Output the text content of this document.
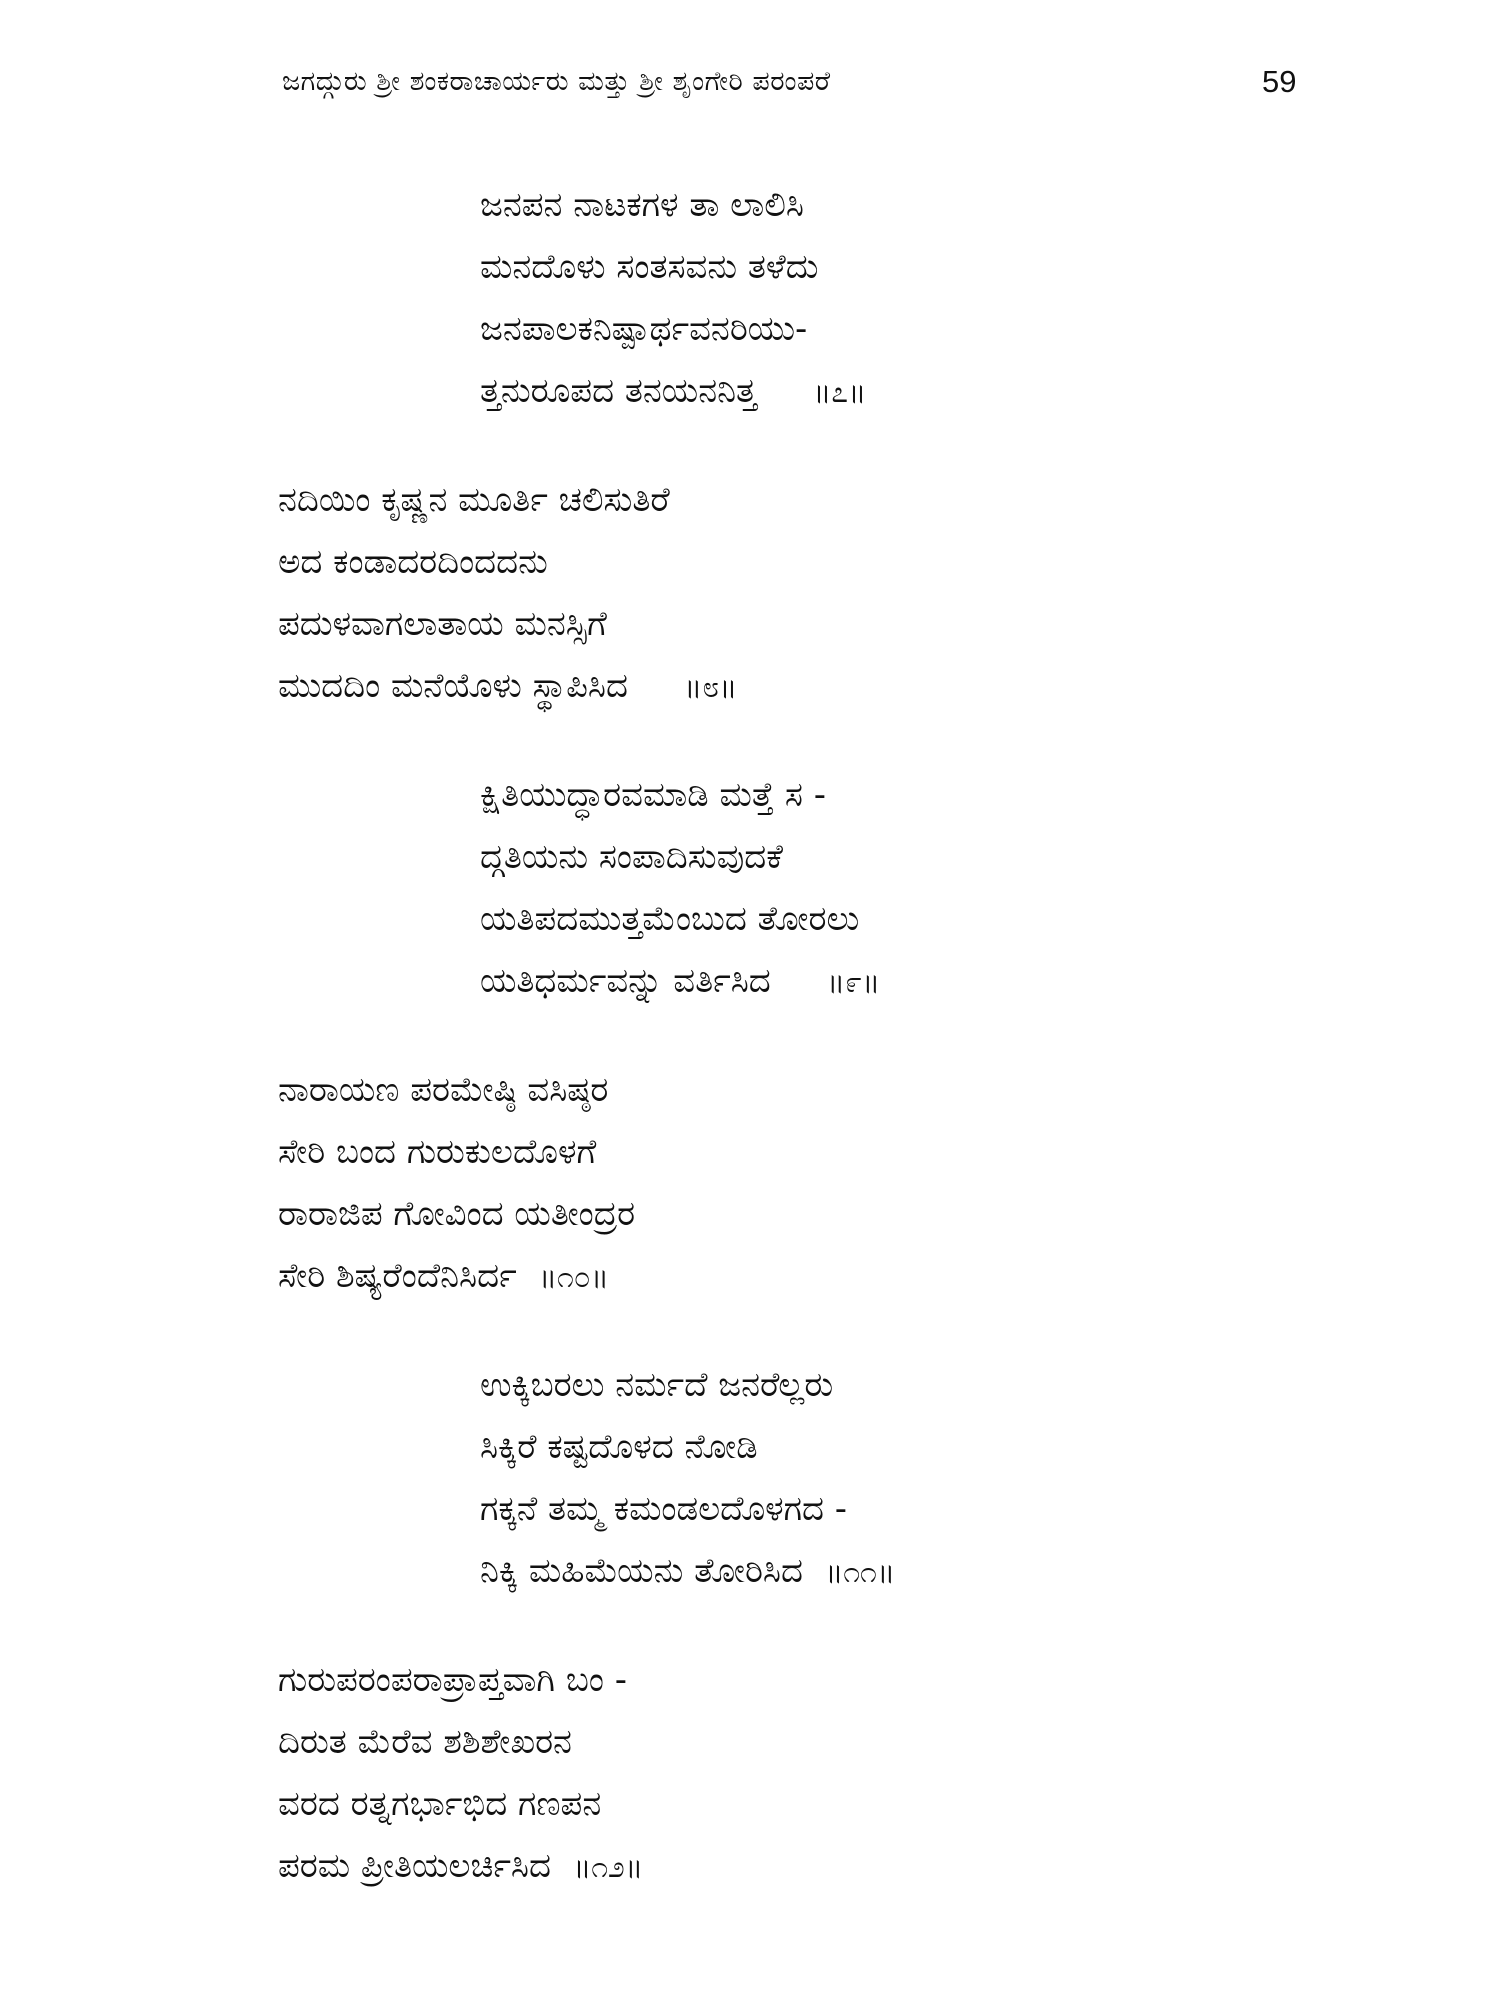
ಜಗದ್ಗುರು ಶ್ರೀ ಶಂಕರಾಚಾರ್ಯರು ಮತ್ತು ಶ್ರೀ ಶೃಂಗೇರಿ ಪರಂಪರೆ	59
ಜನಪನ ನಾಟಕಗಳ ತಾ ಲಾಲಿಸಿ
ಮನದೊಳು ಸಂತಸವನು ತಳೆದು
ಜನಪಾಲಕನಿಷ್ಪಾರ್ಥವನರಿಯು-
ತ್ತನುರೂಪದ ತನಯನನಿತ್ತ ॥೭॥
ನದಿಯಿಂ ಕೃಷ್ಣನ ಮೂರ್ತಿ ಚಲಿಸುತಿರೆ
ಅದ ಕಂಡಾದರದಿಂದದನು
ಪದುಳವಾಗಲಾತಾಯ ಮನಸ್ಸಿಗೆ
ಮುದದಿಂ ಮನೆಯೊಳು ಸ್ಥಾಪಿಸಿದ ॥೮॥
ಕ್ಷಿತಿಯುದ್ಧಾರವಮಾಡಿ ಮತ್ತೆ ಸ -
ದ್ಗತಿಯನು ಸಂಪಾದಿಸುವುದಕೆ
ಯತಿಪದಮುತ್ತಮೆಂಬುದ ತೋರಲು
ಯತಿಧರ್ಮವನ್ನು ವರ್ತಿಸಿದ ॥೯॥
ನಾರಾಯಣ ಪರಮೇಷ್ಠಿ ವಸಿಷ್ಠರ
ಸೇರಿ ಬಂದ ಗುರುಕುಲದೊಳಗೆ
ರಾರಾಜಿಪ ಗೋವಿಂದ ಯತೀಂದ್ರರ
ಸೇರಿ ಶಿಷ್ಯರೆಂದೆನಿಸಿರ್ದ ॥೧೦॥
ಉಕ್ಕಿಬರಲು ನರ್ಮದೆ ಜನರೆಲ್ಲರು
ಸಿಕ್ಕಿರೆ ಕಷ್ಟದೊಳದ ನೋಡಿ
ಗಕ್ಕನೆ ತಮ್ಮ ಕಮಂಡಲದೊಳಗದ -
ನಿಕ್ಕಿ ಮಹಿಮೆಯನು ತೋರಿಸಿದ ॥೧೧॥
ಗುರುಪರಂಪರಾಪ್ರಾಪ್ತವಾಗಿ ಬಂ -
ದಿರುತ ಮೆರೆವ ಶಶಿಶೇಖರನ
ವರದ ರತ್ನಗರ್ಭಾಭಿದ ಗಣಪನ
ಪರಮ ಪ್ರೀತಿಯಲರ್ಚಿಸಿದ ॥೧೨॥
